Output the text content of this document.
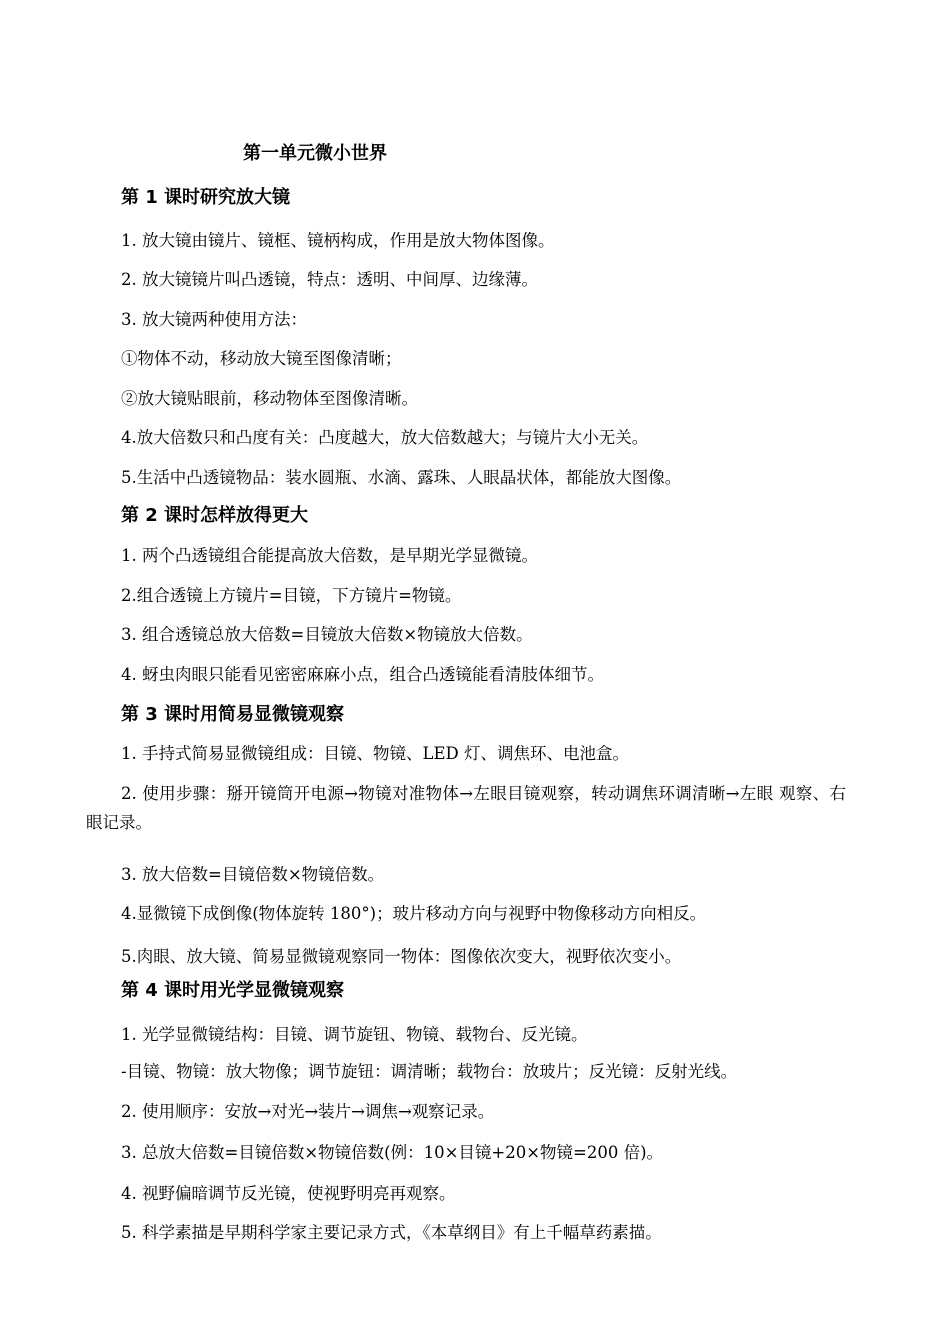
第一单元微小世界
第 1 课时研究放大镜
1. 放大镜由镜片、镜框、镜柄构成，作用是放大物体图像。
2. 放大镜镜片叫凸透镜，特点：透明、中间厚、边缘薄。
3. 放大镜两种使用方法：
①物体不动，移动放大镜至图像清晰；
②放大镜贴眼前，移动物体至图像清晰。
4.放大倍数只和凸度有关：凸度越大，放大倍数越大；与镜片大小无关。
5.生活中凸透镜物品：装水圆瓶、水滴、露珠、人眼晶状体，都能放大图像。
第 2 课时怎样放得更大
1. 两个凸透镜组合能提高放大倍数，是早期光学显微镜。
2.组合透镜上方镜片=目镜，下方镜片=物镜。
3. 组合透镜总放大倍数=目镜放大倍数×物镜放大倍数。
4. 蚜虫肉眼只能看见密密麻麻小点，组合凸透镜能看清肢体细节。
第 3 课时用简易显微镜观察
1. 手持式简易显微镜组成：目镜、物镜、LED 灯、调焦环、电池盒。
2. 使用步骤：掰开镜筒开电源→物镜对准物体→左眼目镜观察，转动调焦环调清晰→左眼 观察、右眼记录。
3. 放大倍数=目镜倍数×物镜倍数。
4.显微镜下成倒像(物体旋转 180°)；玻片移动方向与视野中物像移动方向相反。
5.肉眼、放大镜、简易显微镜观察同一物体：图像依次变大，视野依次变小。
第 4 课时用光学显微镜观察
1. 光学显微镜结构：目镜、调节旋钮、物镜、载物台、反光镜。
-目镜、物镜：放大物像；调节旋钮：调清晰；载物台：放玻片；反光镜：反射光线。
2. 使用顺序：安放→对光→装片→调焦→观察记录。
3. 总放大倍数=目镜倍数×物镜倍数(例：10×目镜+20×物镜=200 倍)。
4. 视野偏暗调节反光镜，使视野明亮再观察。
5. 科学素描是早期科学家主要记录方式，《本草纲目》有上千幅草药素描。
